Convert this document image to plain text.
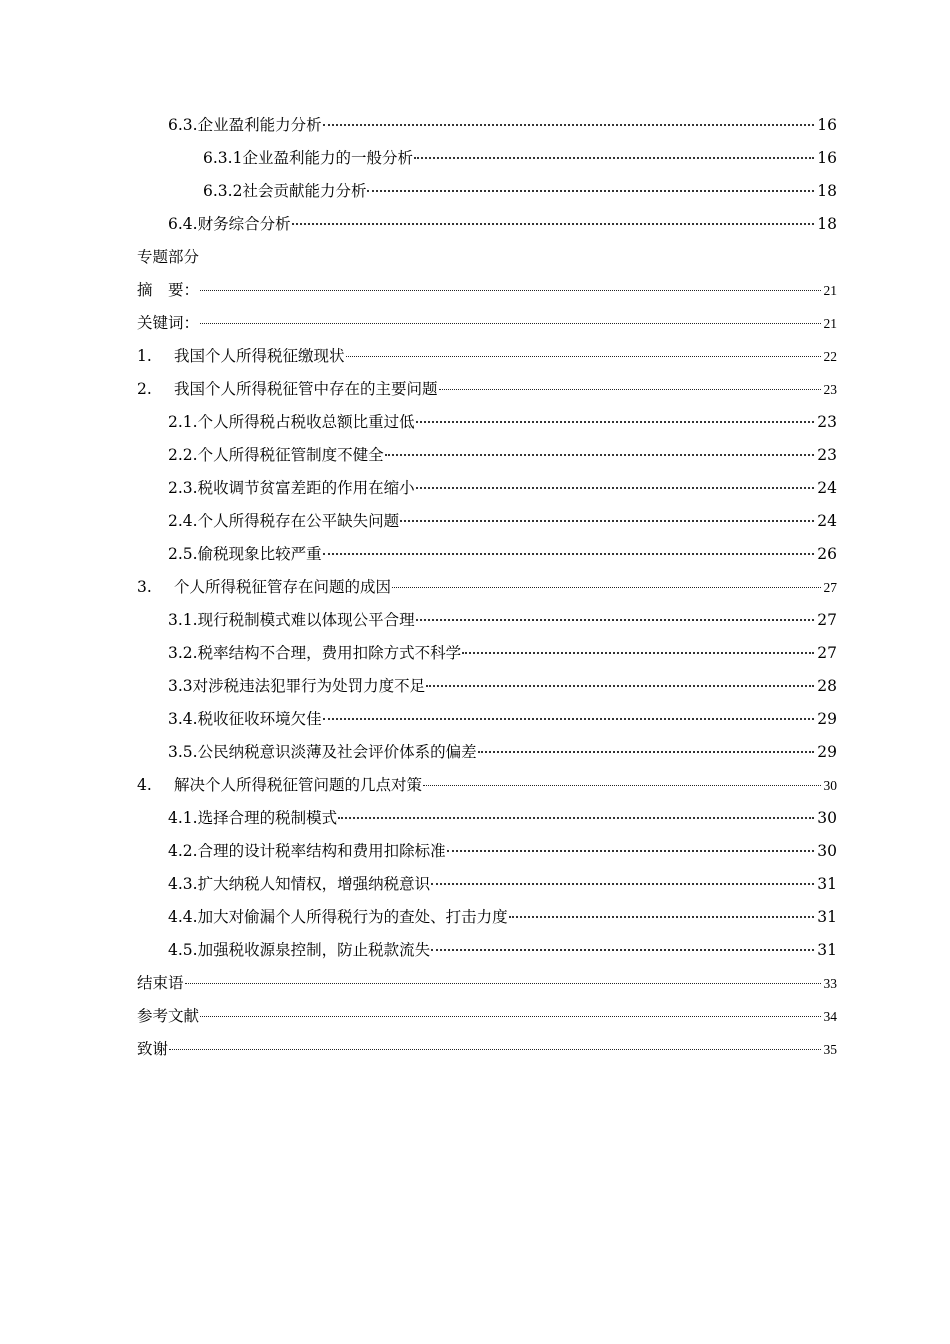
6.3.企业盈利能力分析	16
6.3.1企业盈利能力的一般分析	16
6.3.2社会贡献能力分析	18
6.4.财务综合分析	18
专题部分
摘　要：	21
关键词：	21
1. 我国个人所得税征缴现状	22
2. 我国个人所得税征管中存在的主要问题	23
2.1.个人所得税占税收总额比重过低	23
2.2.个人所得税征管制度不健全	23
2.3.税收调节贫富差距的作用在缩小	24
2.4.个人所得税存在公平缺失问题	24
2.5.偷税现象比较严重	26
3. 个人所得税征管存在问题的成因	27
3.1.现行税制模式难以体现公平合理	27
3.2.税率结构不合理，费用扣除方式不科学	27
3.3对涉税违法犯罪行为处罚力度不足	28
3.4.税收征收环境欠佳	29
3.5.公民纳税意识淡薄及社会评价体系的偏差	29
4. 解决个人所得税征管问题的几点对策	30
4.1.选择合理的税制模式	30
4.2.合理的设计税率结构和费用扣除标准	30
4.3.扩大纳税人知情权，增强纳税意识	31
4.4.加大对偷漏个人所得税行为的查处、打击力度	31
4.5.加强税收源泉控制，防止税款流失	31
结束语	33
参考文献	34
致谢	35
